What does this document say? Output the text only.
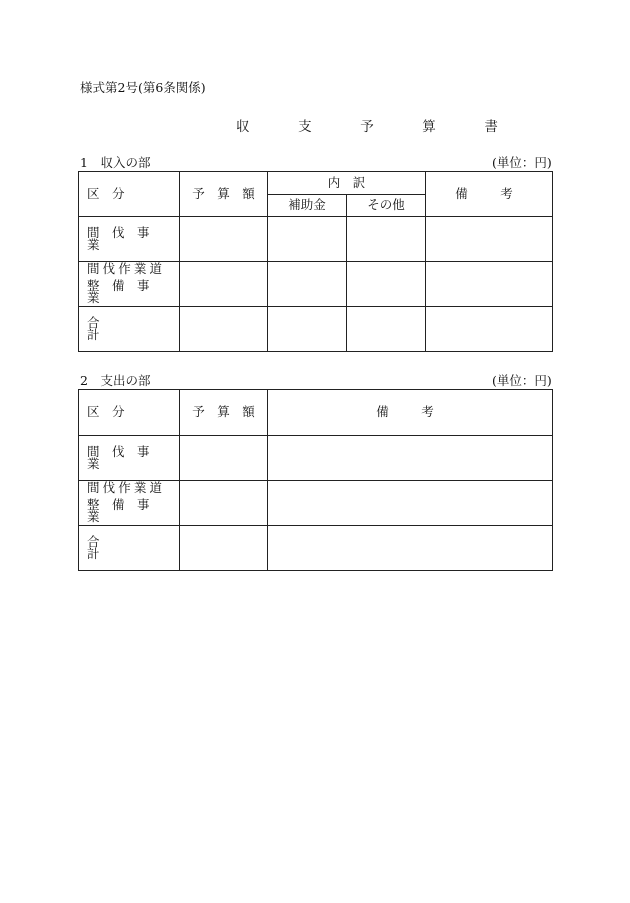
様式第2号(第6条関係)
収　支　予　算　書
1　収入の部	(単位：円)
区　分	予　算　額	内　訳		備　考
		補助金	その他	

間　伐　事　業				

間伐作業道
整　備　事　業				

合　　　計				

2　支出の部	(単位：円)
区　分	予　算　額	備　考

間　伐　事　業		

間伐作業道
整　備　事　業		

合　　　計		
